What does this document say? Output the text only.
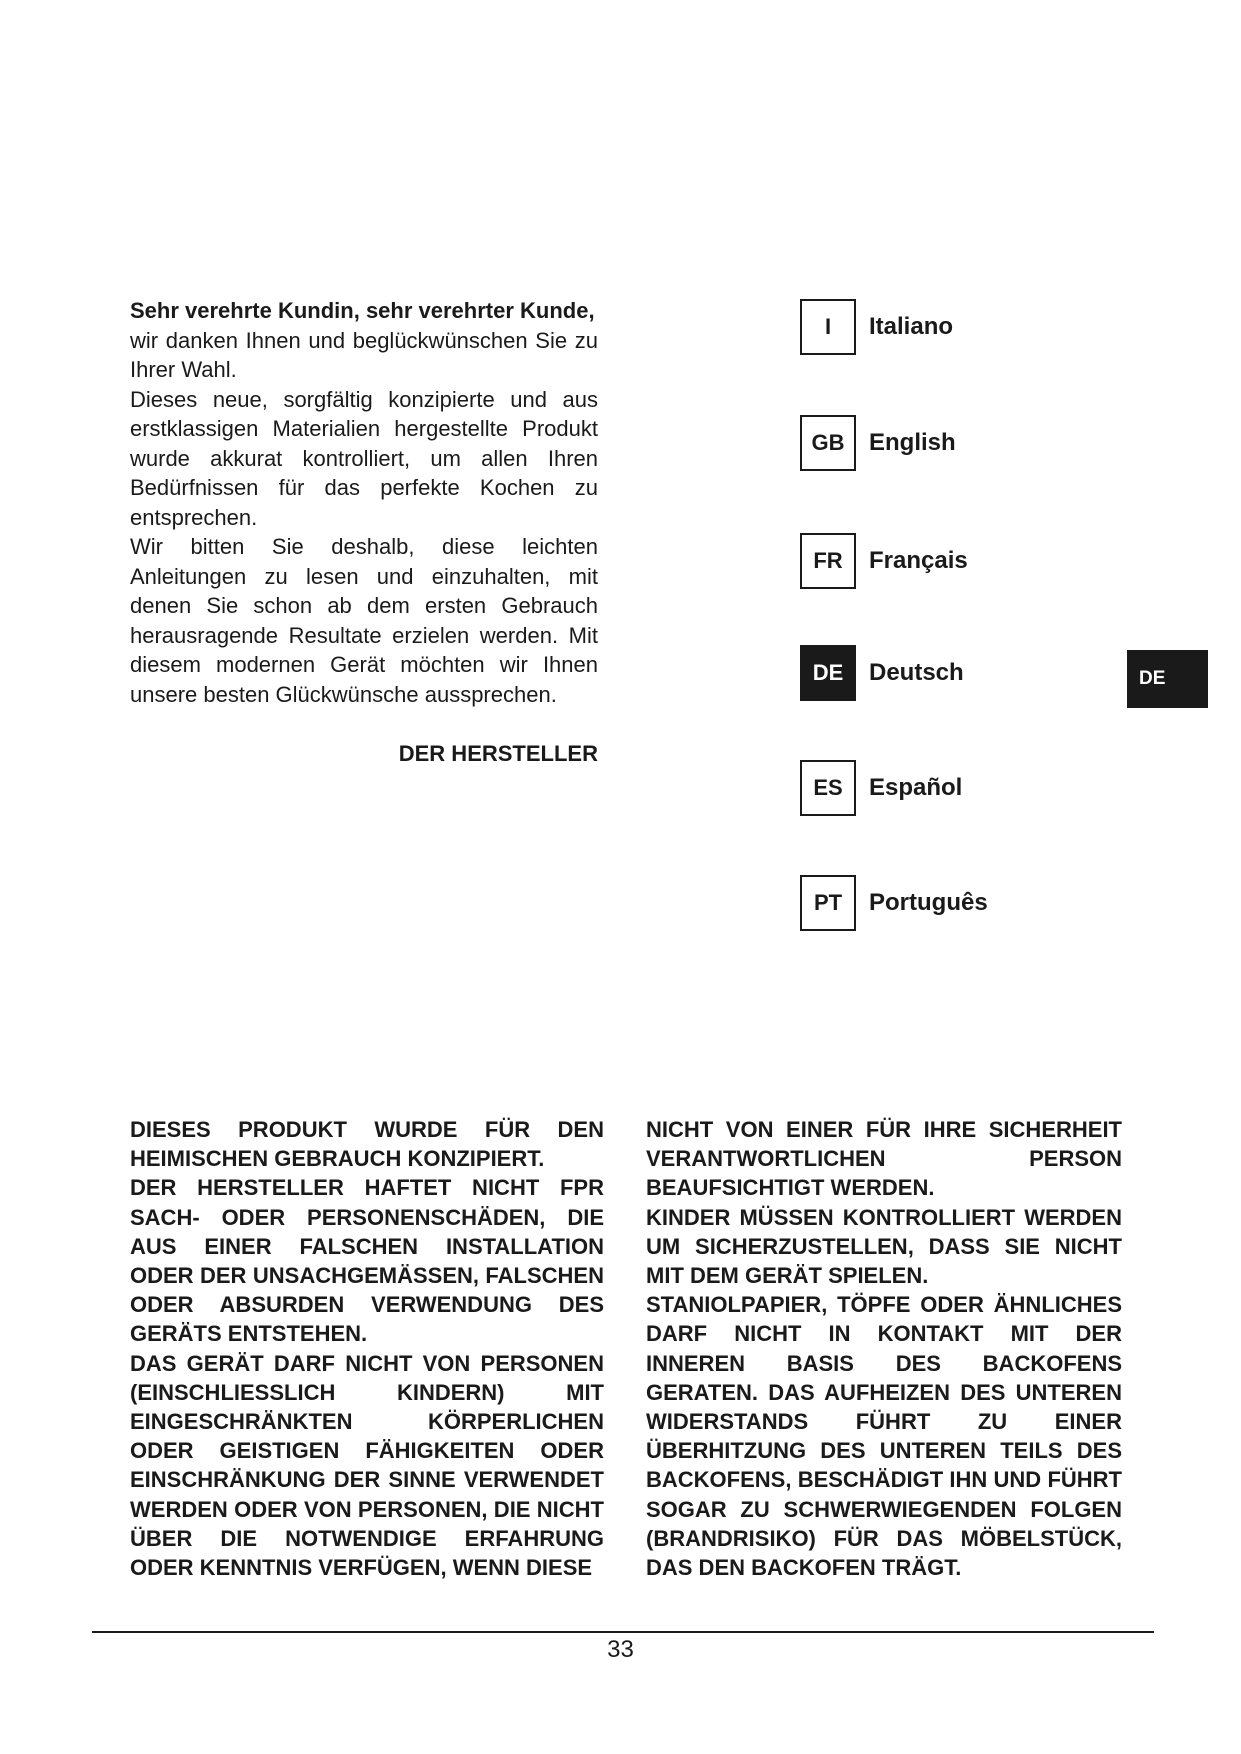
Sehr verehrte Kundin, sehr verehrter Kunde,

wir danken Ihnen und beglückwünschen Sie zu Ihrer Wahl.

Dieses neue, sorgfältig konzipierte und aus erstklassigen Materialien hergestellte Produkt wurde akkurat kontrolliert, um allen Ihren Bedürfnissen für das perfekte Kochen zu entsprechen.

Wir bitten Sie deshalb, diese leichten Anleitungen zu lesen und einzuhalten, mit denen Sie schon ab dem ersten Gebrauch herausragende Resultate erzielen werden. Mit diesem modernen Gerät möchten wir Ihnen unsere besten Glückwünsche aussprechen.

DER HERSTELLER

I	Italiano
GB	English
FR	Français
DE	Deutsch
ES	Español
PT	Português
DE

DIESES PRODUKT WURDE FÜR DEN HEIMISCHEN GEBRAUCH KONZIPIERT.

DER HERSTELLER HAFTET NICHT FPR SACH- ODER PERSONENSCHÄDEN, DIE AUS EINER FALSCHEN INSTALLATION ODER DER UNSACHGEMÄSSEN, FALSCHEN ODER ABSURDEN VERWENDUNG DES GERÄTS ENTSTEHEN.

DAS GERÄT DARF NICHT VON PERSONEN (EINSCHLIESSLICH KINDERN) MIT EINGESCHRÄNKTEN KÖRPERLICHEN ODER GEISTIGEN FÄHIGKEITEN ODER EINSCHRÄNKUNG DER SINNE VERWENDET WERDEN ODER VON PERSONEN, DIE NICHT ÜBER DIE NOTWENDIGE ERFAHRUNG ODER KENNTNIS VERFÜGEN, WENN DIESE

NICHT VON EINER FÜR IHRE SICHERHEIT VERANTWORTLICHEN PERSON BEAUFSICHTIGT WERDEN.

KINDER MÜSSEN KONTROLLIERT WERDEN UM SICHERZUSTELLEN, DASS SIE NICHT MIT DEM GERÄT SPIELEN.

STANIOLPAPIER, TÖPFE ODER ÄHNLICHES DARF NICHT IN KONTAKT MIT DER INNEREN BASIS DES BACKOFENS GERATEN. DAS AUFHEIZEN DES UNTEREN WIDERSTANDS FÜHRT ZU EINER ÜBERHITZUNG DES UNTEREN TEILS DES BACKOFENS, BESCHÄDIGT IHN UND FÜHRT SOGAR ZU SCHWERWIEGENDEN FOLGEN (BRANDRISIKO) FÜR DAS MÖBELSTÜCK, DAS DEN BACKOFEN TRÄGT.

33
